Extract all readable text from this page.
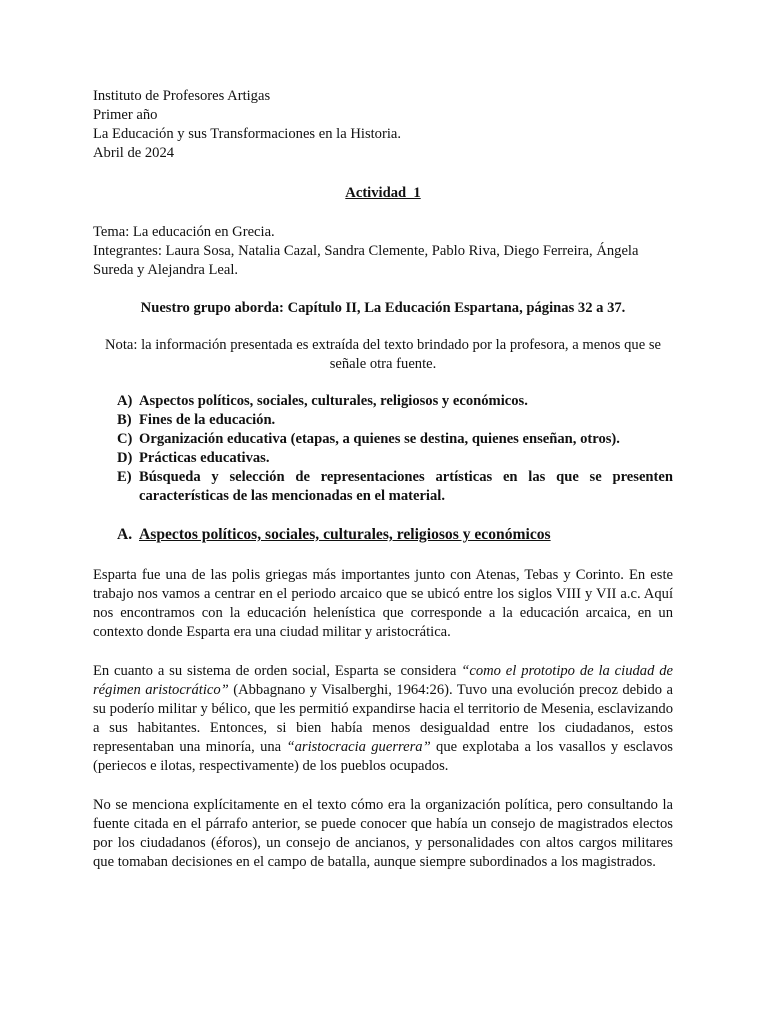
Instituto de Profesores Artigas
Primer año
La Educación y sus Transformaciones en la Historia.
Abril de 2024
Actividad  1
Tema: La educación en Grecia.
Integrantes: Laura Sosa, Natalia Cazal, Sandra Clemente, Pablo Riva, Diego Ferreira, Ángela Sureda y Alejandra Leal.
Nuestro grupo aborda: Capítulo II, La Educación Espartana, páginas 32 a 37.
Nota: la información presentada es extraída del texto brindado por la profesora, a menos que se señale otra fuente.
A) Aspectos políticos, sociales, culturales, religiosos y económicos.
B) Fines de la educación.
C) Organización educativa (etapas, a quienes se destina, quienes enseñan, otros).
D) Prácticas educativas.
E) Búsqueda y selección de representaciones artísticas en las que se presenten características de las mencionadas en el material.
A. Aspectos políticos, sociales, culturales, religiosos y económicos
Esparta fue una de las polis griegas más importantes junto con Atenas, Tebas y Corinto. En este trabajo nos vamos a centrar en el periodo arcaico que se ubicó entre los siglos VIII y VII a.c. Aquí nos encontramos con la educación helenística que corresponde a la educación arcaica, en un contexto donde Esparta era una ciudad militar y aristocrática.
En cuanto a su sistema de orden social, Esparta se considera “como el prototipo de la ciudad de régimen aristocrático” (Abbagnano y Visalberghi, 1964:26). Tuvo una evolución precoz debido a su poderío militar y bélico, que les permitió expandirse hacia el territorio de Mesenia, esclavizando a sus habitantes. Entonces, si bien había menos desigualdad entre los ciudadanos, estos representaban una minoría, una “aristocracia guerrera” que explotaba a los vasallos y esclavos (periecos e ilotas, respectivamente) de los pueblos ocupados.
No se menciona explícitamente en el texto cómo era la organización política, pero consultando la fuente citada en el párrafo anterior, se puede conocer que había un consejo de magistrados electos por los ciudadanos (éforos), un consejo de ancianos, y personalidades con altos cargos militares que tomaban decisiones en el campo de batalla, aunque siempre subordinados a los magistrados.
